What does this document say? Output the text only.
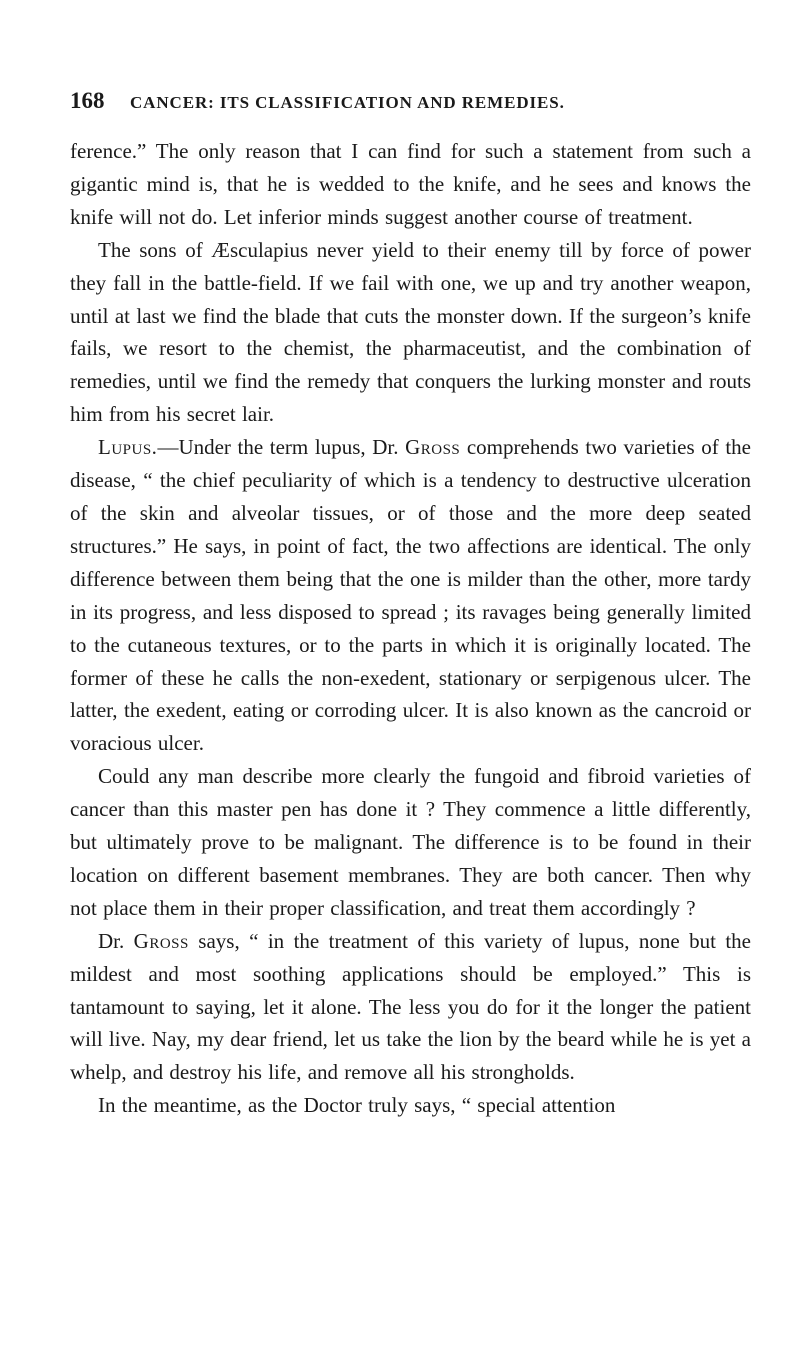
168 CANCER: ITS CLASSIFICATION AND REMEDIES.

ference.” The only reason that I can find for such a statement from such a gigantic mind is, that he is wedded to the knife, and he sees and knows the knife will not do. Let inferior minds suggest another course of treatment.

The sons of Æsculapius never yield to their enemy till by force of power they fall in the battle-field. If we fail with one, we up and try another weapon, until at last we find the blade that cuts the monster down. If the surgeon’s knife fails, we resort to the chemist, the pharmaceutist, and the combination of remedies, until we find the remedy that conquers the lurking monster and routs him from his secret lair.

Lupus.—Under the term lupus, Dr. Gross comprehends two varieties of the disease, “ the chief peculiarity of which is a tendency to destructive ulceration of the skin and alveolar tissues, or of those and the more deep seated structures.” He says, in point of fact, the two affections are identical. The only difference between them being that the one is milder than the other, more tardy in its progress, and less disposed to spread ; its ravages being generally limited to the cutaneous textures, or to the parts in which it is originally located. The former of these he calls the non-exedent, stationary or serpigenous ulcer. The latter, the exedent, eating or corroding ulcer. It is also known as the cancroid or voracious ulcer.

Could any man describe more clearly the fungoid and fibroid varieties of cancer than this master pen has done it ? They commence a little differently, but ultimately prove to be malignant. The difference is to be found in their location on different basement membranes. They are both cancer. Then why not place them in their proper classification, and treat them accordingly ?

Dr. Gross says, “ in the treatment of this variety of lupus, none but the mildest and most soothing applications should be employed.” This is tantamount to saying, let it alone. The less you do for it the longer the patient will live. Nay, my dear friend, let us take the lion by the beard while he is yet a whelp, and destroy his life, and remove all his strongholds.

In the meantime, as the Doctor truly says, “ special attention
